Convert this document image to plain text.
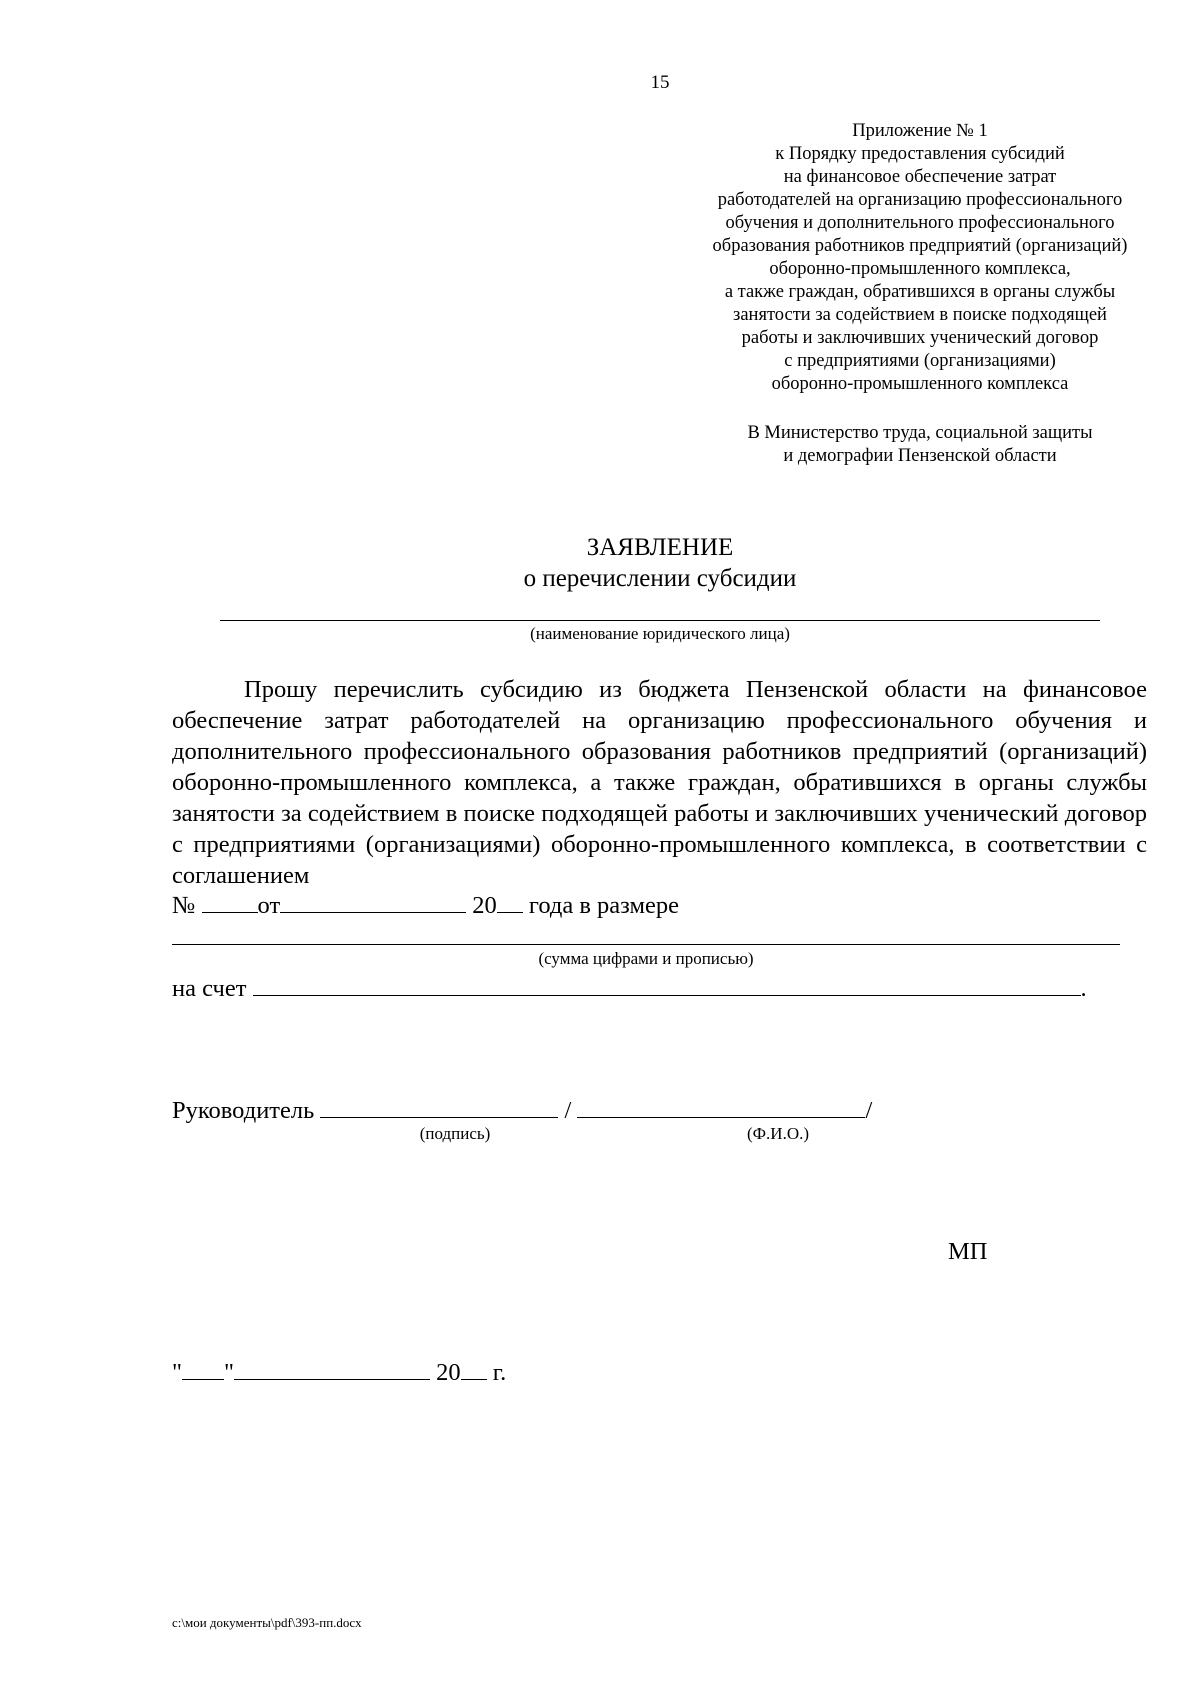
15
Приложение № 1
к Порядку предоставления субсидий
на финансовое обеспечение затрат
работодателей на организацию профессионального
обучения и дополнительного профессионального
образования работников предприятий (организаций)
оборонно-промышленного комплекса,
а также граждан, обратившихся в органы службы
занятости за содействием в поиске подходящей
работы и заключивших ученический договор
с предприятиями (организациями)
оборонно-промышленного комплекса
В Министерство труда, социальной защиты
и демографии Пензенской области
ЗАЯВЛЕНИЕ
о перечислении субсидии
(наименование юридического лица)
Прошу перечислить субсидию из бюджета Пензенской области на финансовое обеспечение затрат работодателей на организацию профессионального обучения и дополнительного профессионального образования работников предприятий (организаций) оборонно-промышленного комплекса, а также граждан, обратившихся в органы службы занятости за содействием в поиске подходящей работы и заключивших ученический договор с предприятиями (организациями) оборонно-промышленного комплекса, в соответствии с соглашением
№	от	20 года в размере
(сумма цифрами и прописью)
на счет	.
Руководитель	/	/
(подпись)	(Ф.И.О.)
МП
" "	20 г.
c:\мои документы\pdf\393-пп.docx
